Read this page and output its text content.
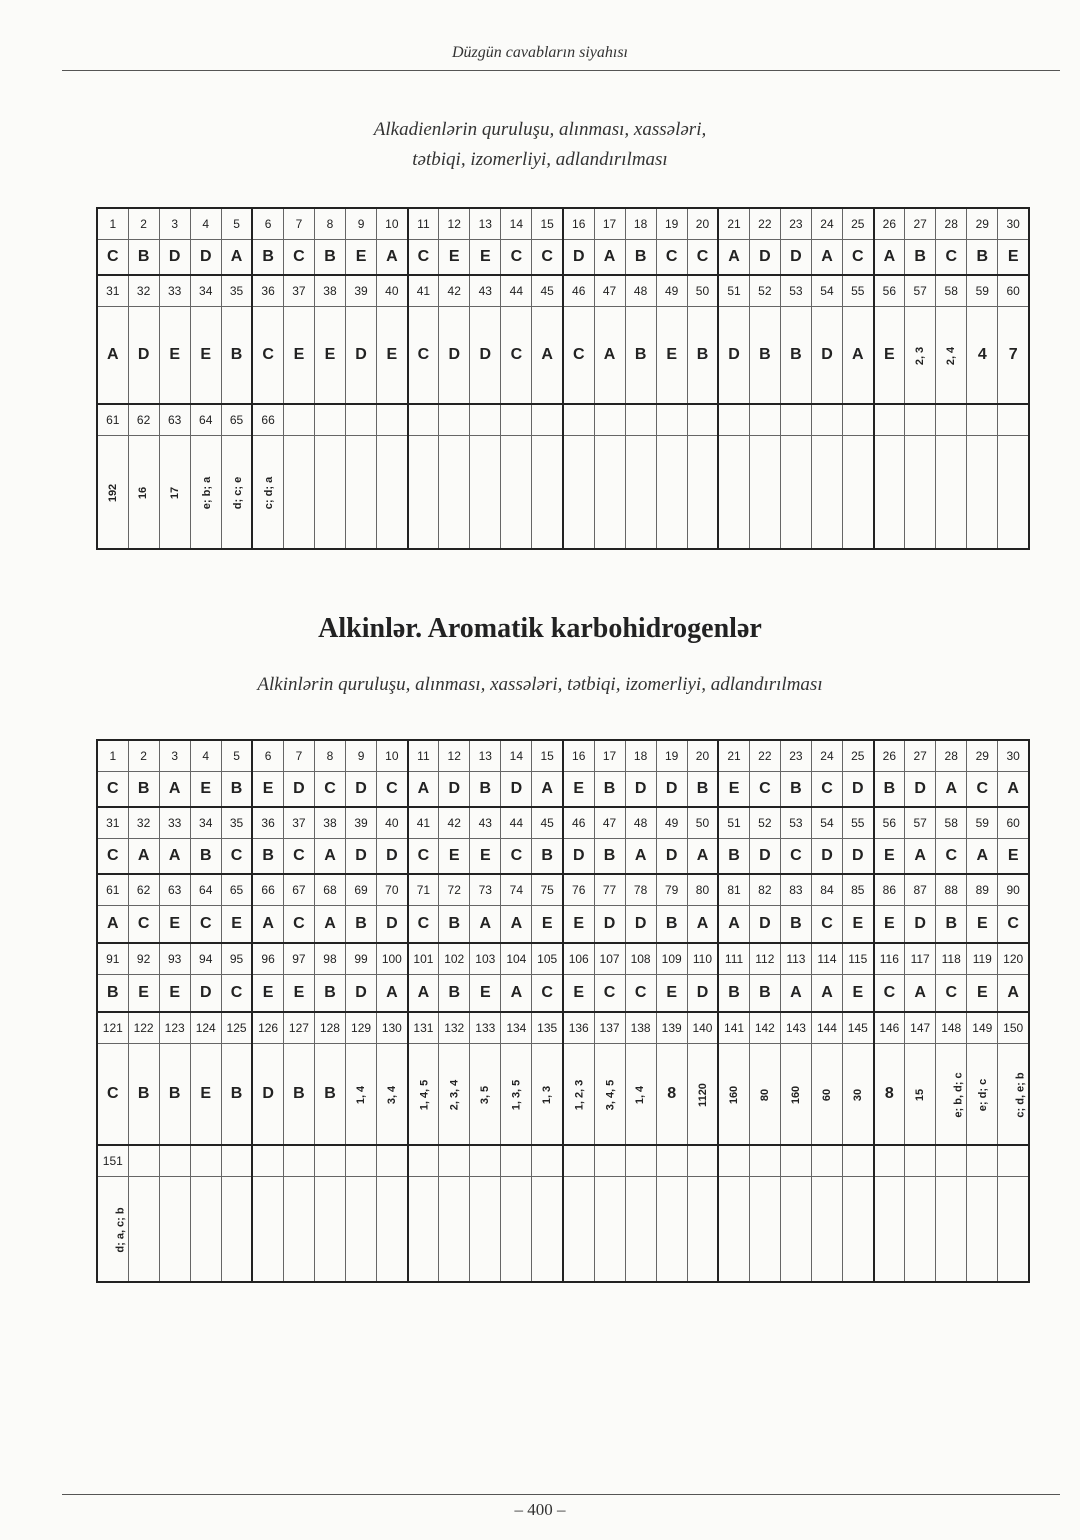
Düzgün cavabların siyahısı
Alkadienlərin quruluşu, alınması, xassələri,
tətbiqi, izomerliyi, adlandırılması
1	2	3	4	5	6	7	8	9	10	11	12	13	14	15	16	17	18	19	20	21	22	23	24	25	26	27	28	29	30
C	B	D	D	A	B	C	B	E	A	C	E	E	C	C	D	A	B	C	C	A	D	D	A	C	A	B	C	B	E
31	32	33	34	35	36	37	38	39	40	41	42	43	44	45	46	47	48	49	50	51	52	53	54	55	56	57	58	59	60
A	D	E	E	B	C	E	E	D	E	C	D	D	C	A	C	A	B	E	B	D	B	B	D	A	E	2, 3	2, 4	4	7
61	62	63	64	65	66																								
192	16	17	e; b; a	d; c; e	c; d; a																								
Alkinlər. Aromatik karbohidrogenlər
Alkinlərin quruluşu, alınması, xassələri, tətbiqi, izomerliyi, adlandırılması
1	2	3	4	5	6	7	8	9	10	11	12	13	14	15	16	17	18	19	20	21	22	23	24	25	26	27	28	29	30
C	B	A	E	B	E	D	C	D	C	A	D	B	D	A	E	B	D	D	B	E	C	B	C	D	B	D	A	C	A
31	32	33	34	35	36	37	38	39	40	41	42	43	44	45	46	47	48	49	50	51	52	53	54	55	56	57	58	59	60
C	A	A	B	C	B	C	A	D	D	C	E	E	C	B	D	B	A	D	A	B	D	C	D	D	E	A	C	A	E
61	62	63	64	65	66	67	68	69	70	71	72	73	74	75	76	77	78	79	80	81	82	83	84	85	86	87	88	89	90
A	C	E	C	E	A	C	A	B	D	C	B	A	A	E	E	D	D	B	A	A	D	B	C	E	E	D	B	E	C
91	92	93	94	95	96	97	98	99	100	101	102	103	104	105	106	107	108	109	110	111	112	113	114	115	116	117	118	119	120
B	E	E	D	C	E	E	B	D	A	A	B	E	A	C	E	C	C	E	D	B	B	A	A	E	C	A	C	E	A
121	122	123	124	125	126	127	128	129	130	131	132	133	134	135	136	137	138	139	140	141	142	143	144	145	146	147	148	149	150
C	B	B	E	B	D	B	B	1, 4	3, 4	1, 4, 5	2, 3, 4	3, 5	1, 3, 5	1, 3	1, 2, 3	3, 4, 5	1, 4	8	1120	160	80	160	60	30	8	15	e; b, d; c	e; d; c	c; d, e; b
151																													
d; a, c; b																													
– 400 –
